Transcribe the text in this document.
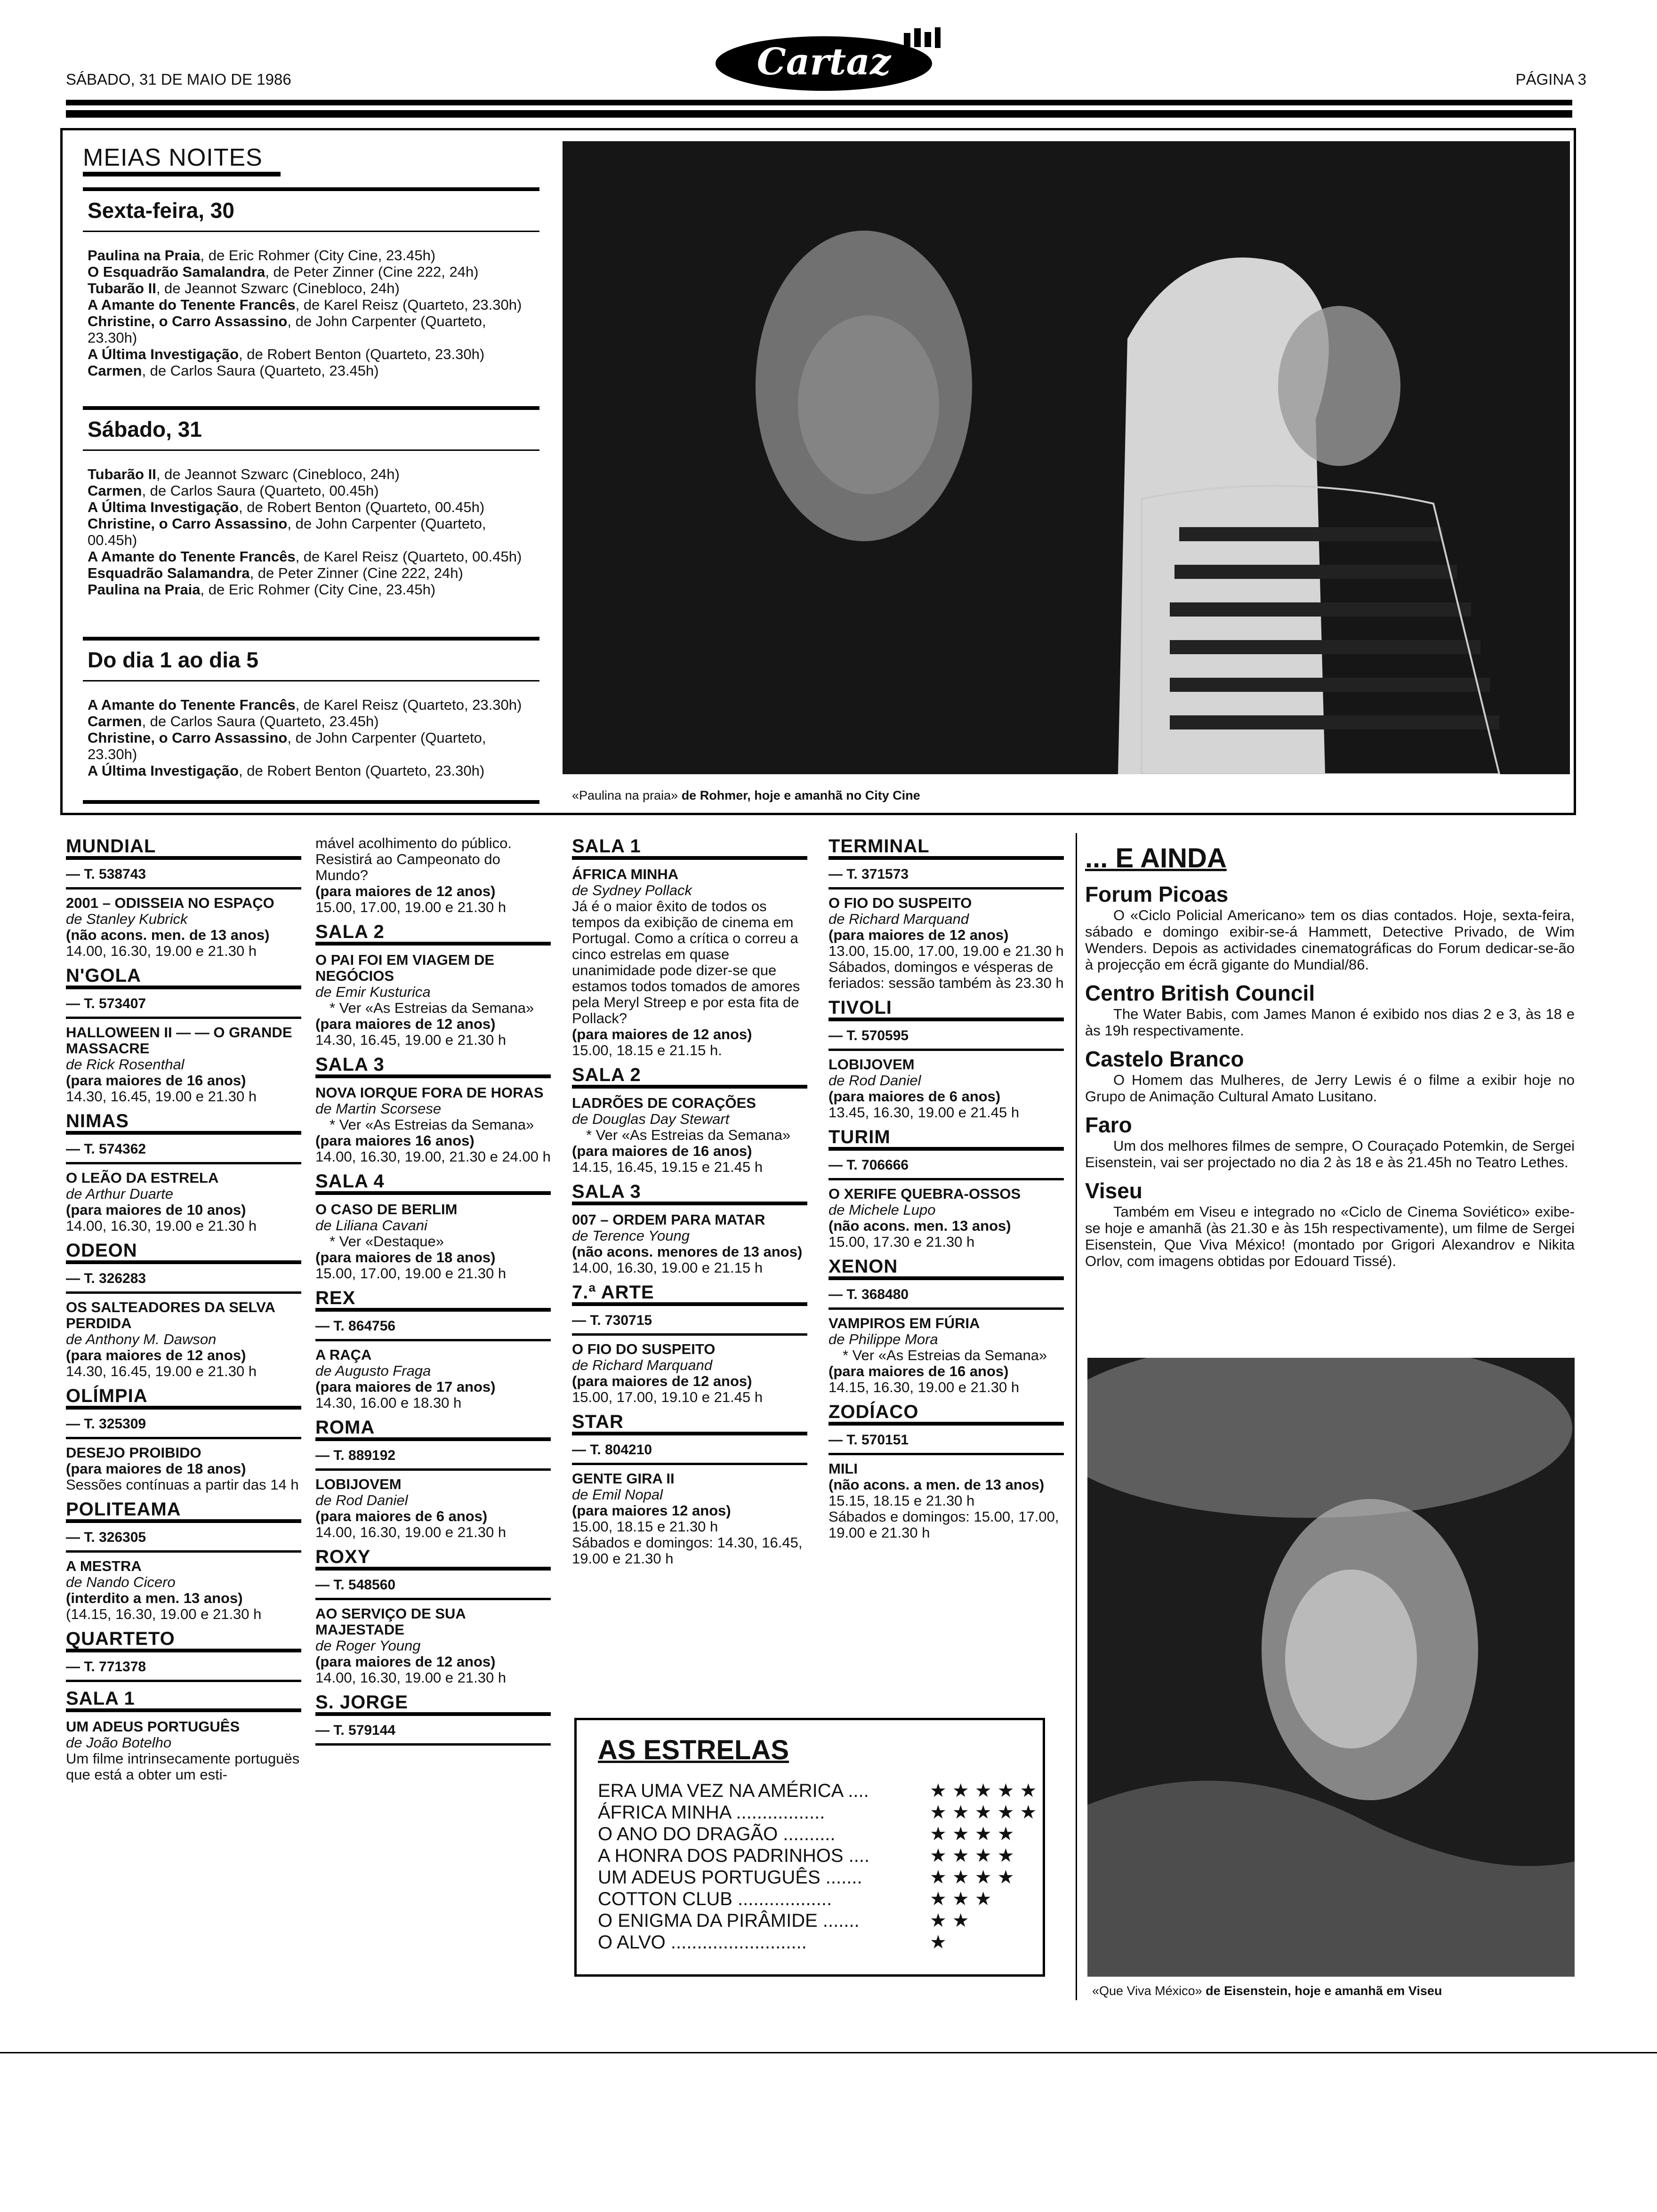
SÁBADO, 31 DE MAIO DE 1986	PÁGINA 3
Cartaz
MEIAS NOITES
Sexta-feira, 30
Paulina na Praia, de Eric Rohmer (City Cine, 23.45h)
O Esquadrão Samalandra, de Peter Zinner (Cine 222, 24h)
Tubarão II, de Jeannot Szwarc (Cinebloco, 24h)
A Amante do Tenente Francês, de Karel Reisz (Quarteto, 23.30h)
Christine, o Carro Assassino, de John Carpenter (Quarteto, 23.30h)
A Última Investigação, de Robert Benton (Quarteto, 23.30h)
Carmen, de Carlos Saura (Quarteto, 23.45h)
Sábado, 31
Tubarão II, de Jeannot Szwarc (Cinebloco, 24h)
Carmen, de Carlos Saura (Quarteto, 00.45h)
A Última Investigação, de Robert Benton (Quarteto, 00.45h)
Christine, o Carro Assassino, de John Carpenter (Quarteto, 00.45h)
A Amante do Tenente Francês, de Karel Reisz (Quarteto, 00.45h)
Esquadrão Salamandra, de Peter Zinner (Cine 222, 24h)
Paulina na Praia, de Eric Rohmer (City Cine, 23.45h)
Do dia 1 ao dia 5
A Amante do Tenente Francês, de Karel Reisz (Quarteto, 23.30h)
Carmen, de Carlos Saura (Quarteto, 23.45h)
Christine, o Carro Assassino, de John Carpenter (Quarteto, 23.30h)
A Última Investigação, de Robert Benton (Quarteto, 23.30h)
«Paulina na praia» de Rohmer, hoje e amanhã no City Cine
MUNDIAL
— T. 538743
2001 – ODISSEIA NO ESPAÇO
de Stanley Kubrick
(não acons. men. de 13 anos)
14.00, 16.30, 19.00 e 21.30 h
N'GOLA
— T. 573407
HALLOWEEN II — — O GRANDE MASSACRE
de Rick Rosenthal
(para maiores de 16 anos)
14.30, 16.45, 19.00 e 21.30 h
NIMAS
— T. 574362
O LEÃO DA ESTRELA
de Arthur Duarte
(para maiores de 10 anos)
14.00, 16.30, 19.00 e 21.30 h
ODEON
— T. 326283
OS SALTEADORES DA SELVA PERDIDA
de Anthony M. Dawson
(para maiores de 12 anos)
14.30, 16.45, 19.00 e 21.30 h
OLÍMPIA
— T. 325309
DESEJO PROIBIDO
(para maiores de 18 anos)
Sessões contínuas a partir das 14 h
POLITEAMA
— T. 326305
A MESTRA
de Nando Cicero
(interdito a men. 13 anos)
(14.15, 16.30, 19.00 e 21.30 h
QUARTETO
— T. 771378
SALA 1
UM ADEUS PORTUGUÊS
de João Botelho
Um filme intrinsecamente portuguës que está a obter um esti-
mável acolhimento do público. Resistirá ao Campeonato do Mundo?
(para maiores de 12 anos)
15.00, 17.00, 19.00 e 21.30 h
SALA 2
O PAI FOI EM VIAGEM DE NEGÓCIOS
de Emir Kusturica
* Ver «As Estreias da Semana»
(para maiores de 12 anos)
14.30, 16.45, 19.00 e 21.30 h
SALA 3
NOVA IORQUE FORA DE HORAS
de Martin Scorsese
* Ver «As Estreias da Semana»
(para maiores 16 anos)
14.00, 16.30, 19.00, 21.30 e 24.00 h
SALA 4
O CASO DE BERLIM
de Liliana Cavani
* Ver «Destaque»
(para maiores de 18 anos)
15.00, 17.00, 19.00 e 21.30 h
REX
— T. 864756
A RAÇA
de Augusto Fraga
(para maiores de 17 anos)
14.30, 16.00 e 18.30 h
ROMA
— T. 889192
LOBIJOVEM
de Rod Daniel
(para maiores de 6 anos)
14.00, 16.30, 19.00 e 21.30 h
ROXY
— T. 548560
AO SERVIÇO DE SUA MAJESTADE
de Roger Young
(para maiores de 12 anos)
14.00, 16.30, 19.00 e 21.30 h
S. JORGE
— T. 579144
SALA 1
ÁFRICA MINHA
de Sydney Pollack
Já é o maior êxito de todos os tempos da exibição de cinema em Portugal. Como a crítica o correu a cinco estrelas em quase unanimidade pode dizer-se que estamos todos tomados de amores pela Meryl Streep e por esta fita de Pollack?
(para maiores de 12 anos)
15.00, 18.15 e 21.15 h.
SALA 2
LADRÕES DE CORAÇÕES
de Douglas Day Stewart
* Ver «As Estreias da Semana»
(para maiores de 16 anos)
14.15, 16.45, 19.15 e 21.45 h
SALA 3
007 – ORDEM PARA MATAR
de Terence Young
(não acons. menores de 13 anos)
14.00, 16.30, 19.00 e 21.15 h
7.ª ARTE
— T. 730715
O FIO DO SUSPEITO
de Richard Marquand
(para maiores de 12 anos)
15.00, 17.00, 19.10 e 21.45 h
STAR
— T. 804210
GENTE GIRA II
de Emil Nopal
(para maiores 12 anos)
15.00, 18.15 e 21.30 h
Sábados e domingos: 14.30, 16.45, 19.00 e 21.30 h
TERMINAL
— T. 371573
O FIO DO SUSPEITO
de Richard Marquand
(para maiores de 12 anos)
13.00, 15.00, 17.00, 19.00 e 21.30 h
Sábados, domingos e vésperas de feriados: sessão também às 23.30 h
TIVOLI
— T. 570595
LOBIJOVEM
de Rod Daniel
(para maiores de 6 anos)
13.45, 16.30, 19.00 e 21.45 h
TURIM
— T. 706666
O XERIFE QUEBRA-OSSOS
de Michele Lupo
(não acons. men. 13 anos)
15.00, 17.30 e 21.30 h
XENON
— T. 368480
VAMPIROS EM FÚRIA
de Philippe Mora
* Ver «As Estreias da Semana»
(para maiores de 16 anos)
14.15, 16.30, 19.00 e 21.30 h
ZODÍACO
— T. 570151
MILI
(não acons. a men. de 13 anos)
15.15, 18.15 e 21.30 h
Sábados e domingos: 15.00, 17.00, 19.00 e 21.30 h
... E AINDA
Forum Picoas
O «Ciclo Policial Americano» tem os dias contados. Hoje, sexta-feira, sábado e domingo exibir-se-á Hammett, Detective Privado, de Wim Wenders. Depois as actividades cinematográficas do Forum dedicar-se-ão à projecção em écrã gigante do Mundial/86.
Centro British Council
The Water Babis, com James Manon é exibido nos dias 2 e 3, às 18 e às 19h respectivamente.
Castelo Branco
O Homem das Mulheres, de Jerry Lewis é o filme a exibir hoje no Grupo de Animação Cultural Amato Lusitano.
Faro
Um dos melhores filmes de sempre, O Couraçado Potemkin, de Sergei Eisenstein, vai ser projectado no dia 2 às 18 e às 21.45h no Teatro Lethes.
Viseu
Também em Viseu e integrado no «Ciclo de Cinema Soviético» exibe-se hoje e amanhã (às 21.30 e às 15h respectivamente), um filme de Sergei Eisenstein, Que Viva México! (montado por Grigori Alexandrov e Nikita Orlov, com imagens obtidas por Edouard Tissé).
«Que Viva México» de Eisenstein, hoje e amanhã em Viseu
AS ESTRELAS
ERA UMA VEZ NA AMÉRICA ....	★★★★★
ÁFRICA MINHA .................	★★★★★
O ANO DO DRAGÃO ..........	★★★★
A HONRA DOS PADRINHOS ....	★★★★
UM ADEUS PORTUGUÊS .......	★★★★
COTTON CLUB ..................	★★★
O ENIGMA DA PIRÂMIDE .......	★★
O ALVO ..........................	★
